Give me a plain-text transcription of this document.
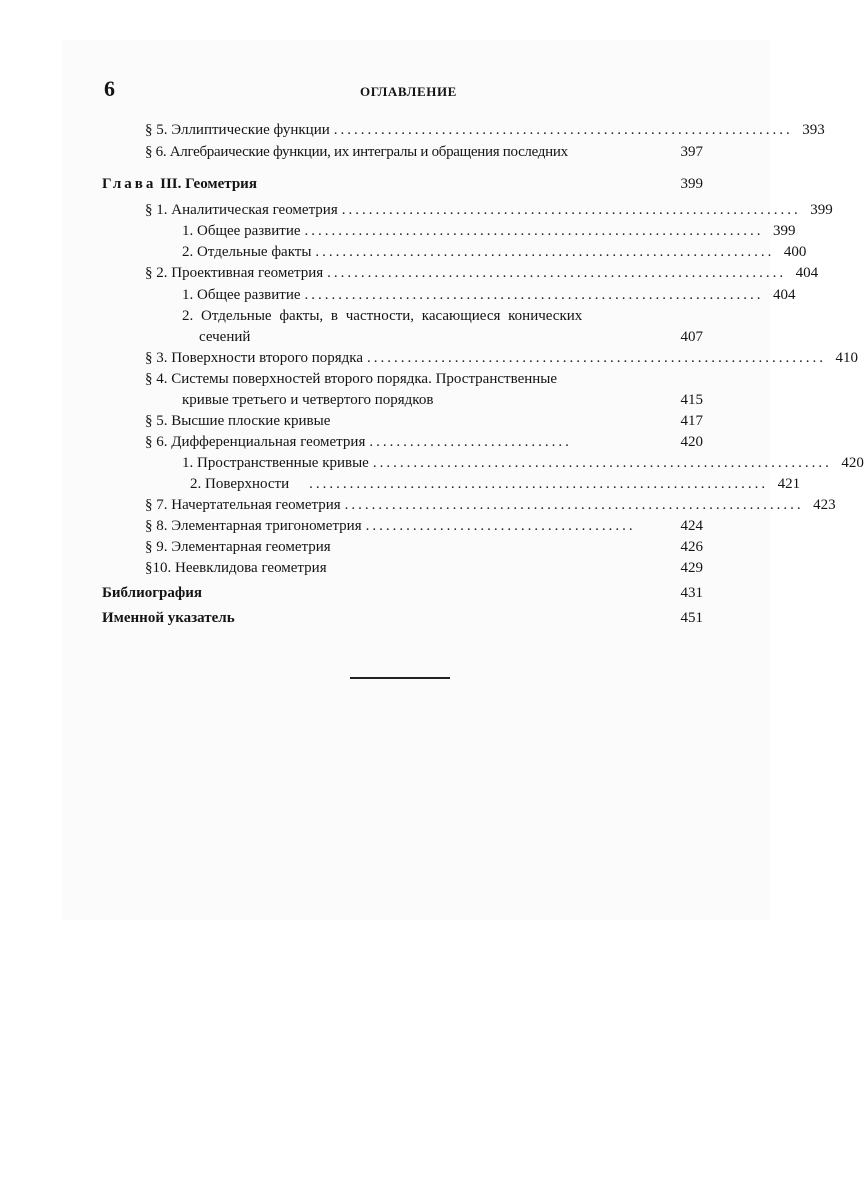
6	ОГЛАВЛЕНИЕ
§ 5. Эллиптические функции .................................................................... 393
§ 6. Алгебраические функции, их интегралы и обращения последних	397
Глава III. Геометрия	399
§ 1. Аналитическая геометрия .................................................................... 399
1. Общее развитие .................................................................... 399
2. Отдельные факты .................................................................... 400
§ 2. Проективная геометрия .................................................................... 404
1. Общее развитие .................................................................... 404
2. Отдельные факты, в частности, касающиеся конических
сечений	407
§ 3. Поверхности второго порядка .................................................................... 410
§ 4. Системы поверхностей второго порядка. Пространственные
кривые третьего и четвертого порядков	415
§ 5. Высшие плоские кривые	417
§ 6. Дифференциальная геометрия ..............................	420
1. Пространственные кривые .................................................................... 420
2. Поверхности .................................................................... 421
§ 7. Начертательная геометрия .................................................................... 423
§ 8. Элементарная тригонометрия ........................................	424
§ 9. Элементарная геометрия	426
§10. Неевклидова геометрия	429
Библиография	431
Именной указатель	451
